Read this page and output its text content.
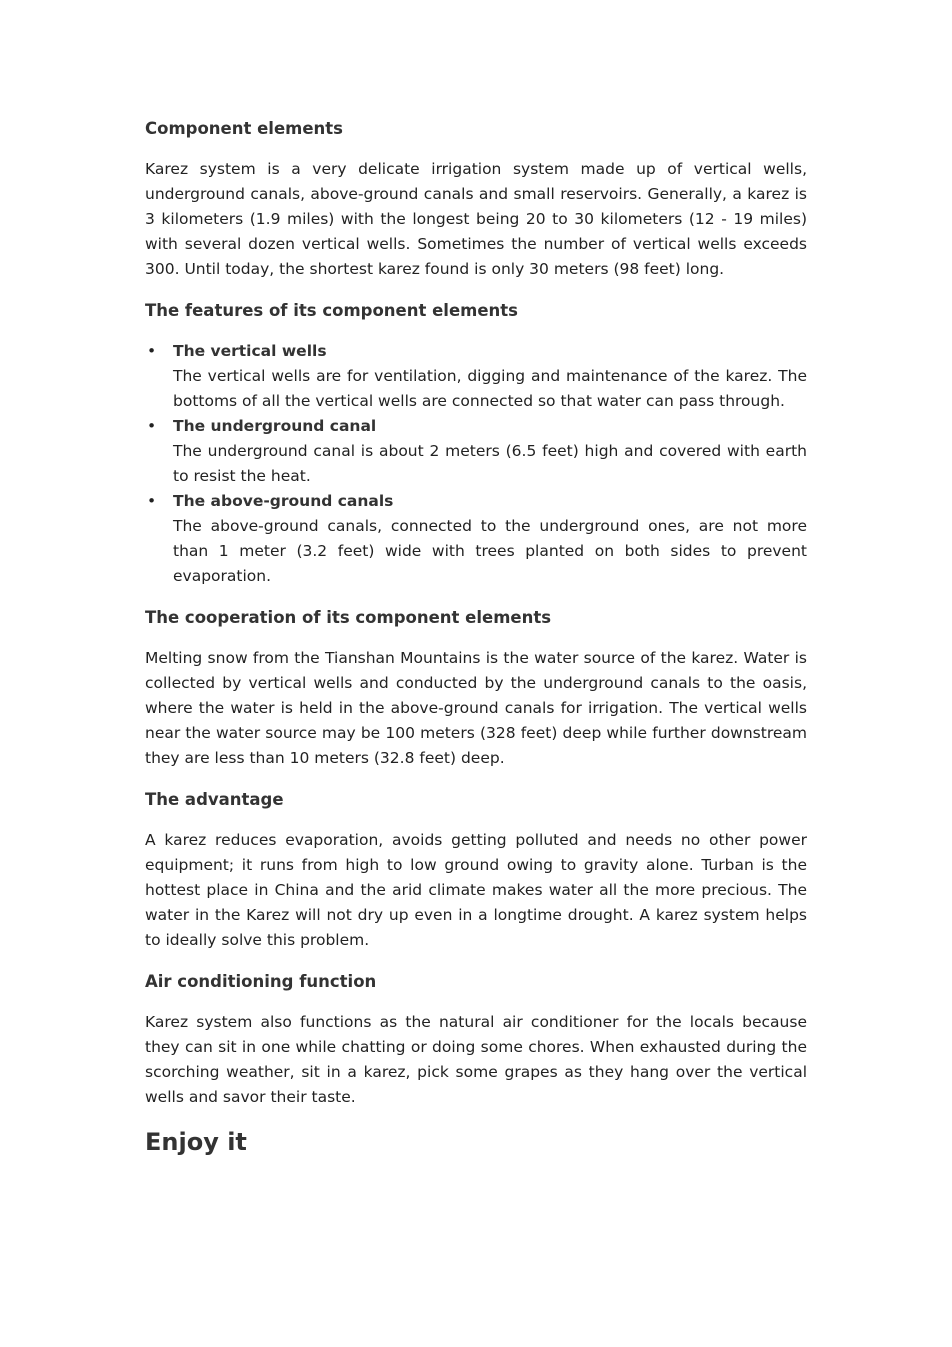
Component elements

Karez system is a very delicate irrigation system made up of vertical wells, underground canals, above-ground canals and small reservoirs. Generally, a karez is 3 kilometers (1.9 miles) with the longest being 20 to 30 kilometers (12 - 19 miles) with several dozen vertical wells. Sometimes the number of vertical wells exceeds 300. Until today, the shortest karez found is only 30 meters (98 feet) long.

The features of its component elements
• The vertical wells

The vertical wells are for ventilation, digging and maintenance of the karez. The bottoms of all the vertical wells are connected so that water can pass through.

• The underground canal

The underground canal is about 2 meters (6.5 feet) high and covered with earth to resist the heat.

• The above-ground canals

The above-ground canals, connected to the underground ones, are not more than 1 meter (3.2 feet) wide with trees planted on both sides to prevent evaporation.

The cooperation of its component elements

Melting snow from the Tianshan Mountains is the water source of the karez. Water is collected by vertical wells and conducted by the underground canals to the oasis, where the water is held in the above-ground canals for irrigation. The vertical wells near the water source may be 100 meters (328 feet) deep while further downstream they are less than 10 meters (32.8 feet) deep.

The advantage

A karez reduces evaporation, avoids getting polluted and needs no other power equipment; it runs from high to low ground owing to gravity alone. Turban is the hottest place in China and the arid climate makes water all the more precious. The water in the Karez will not dry up even in a longtime drought. A karez system helps to ideally solve this problem.

Air conditioning function

Karez system also functions as the natural air conditioner for the locals because they can sit in one while chatting or doing some chores. When exhausted during the scorching weather, sit in a karez, pick some grapes as they hang over the vertical wells and savor their taste.

Enjoy it
